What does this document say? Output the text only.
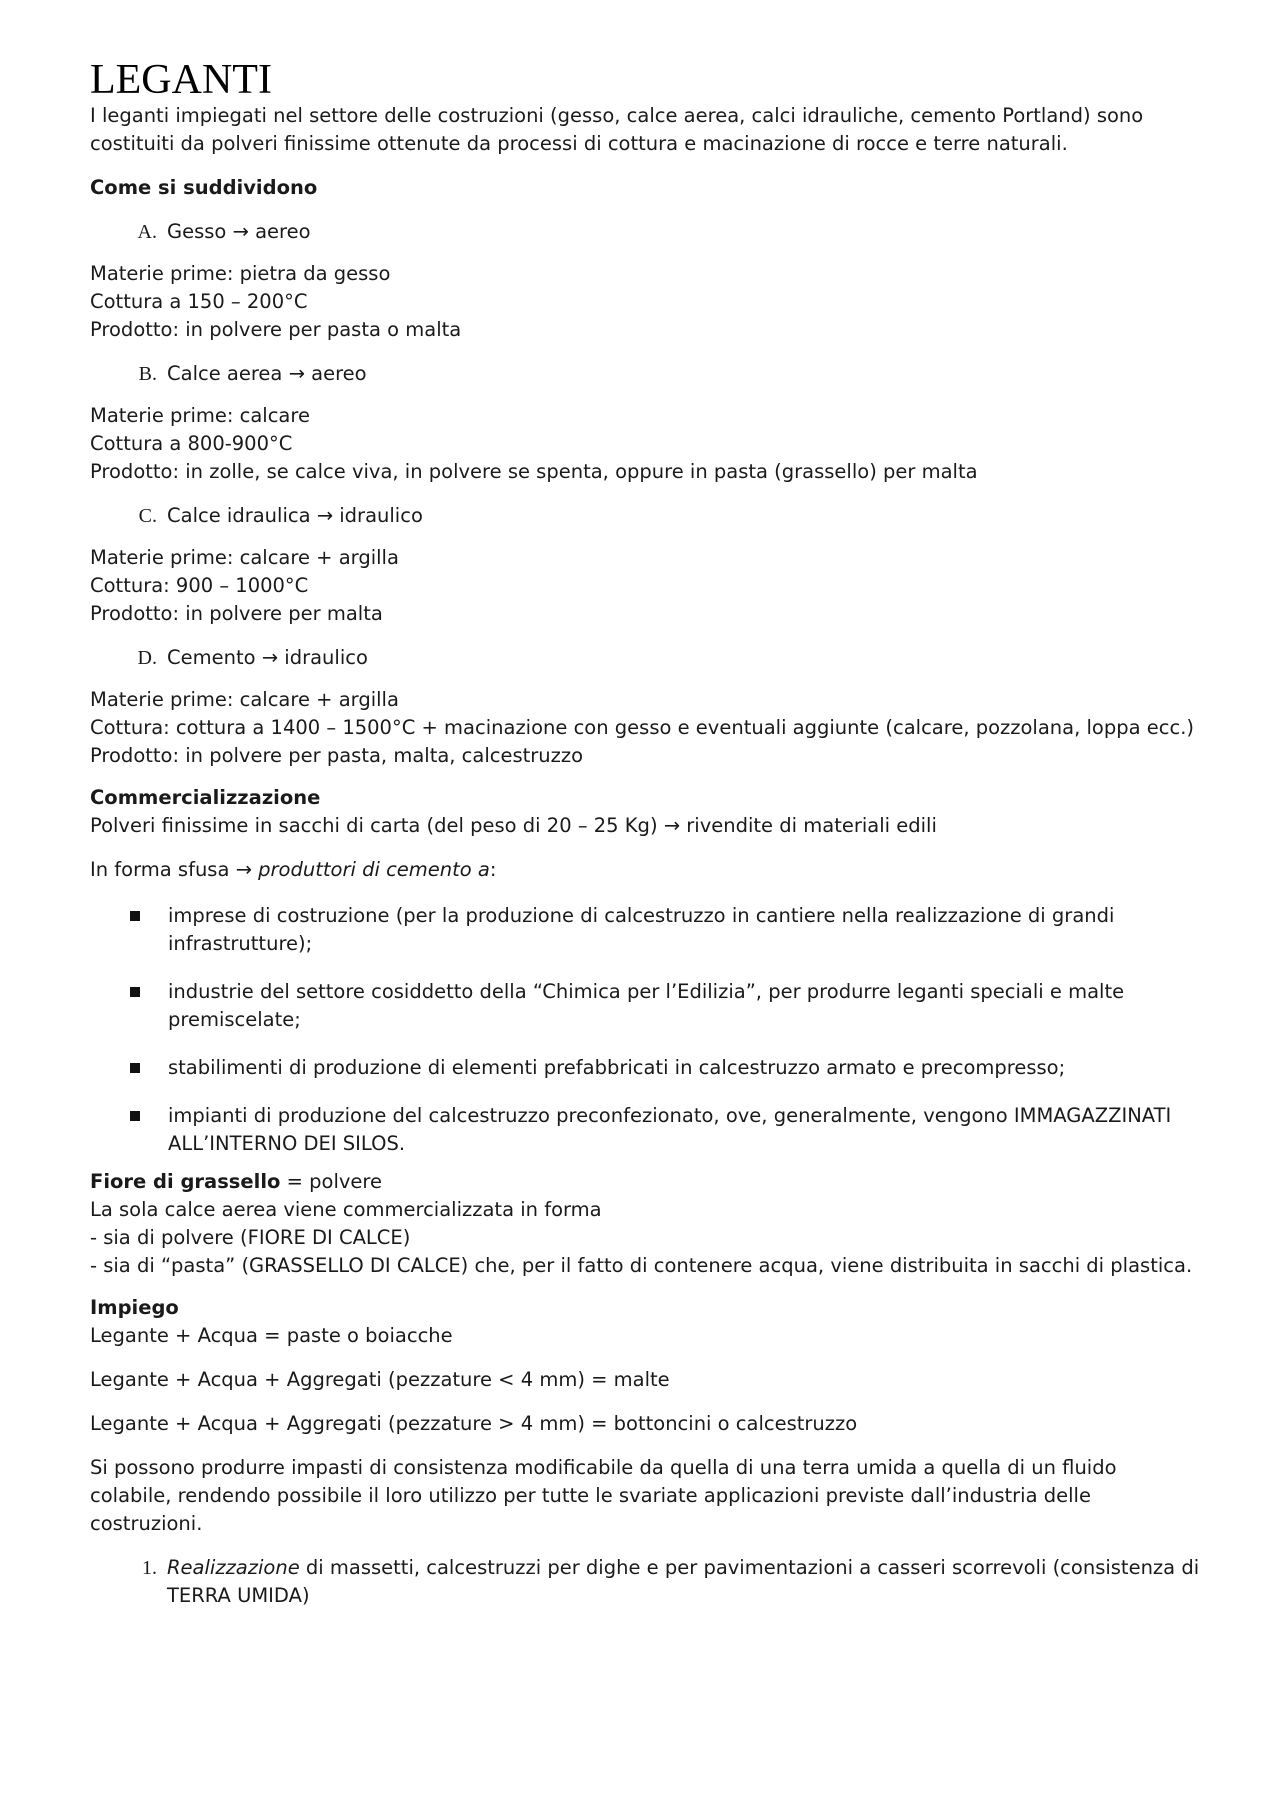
LEGANTI

I leganti impiegati nel settore delle costruzioni (gesso, calce aerea, calci idrauliche, cemento Portland) sono costituiti da polveri finissime ottenute da processi di cottura e macinazione di rocce e terre naturali.

Come si suddividono

A. Gesso → aereo
Materie prime: pietra da gesso
Cottura a 150 – 200°C
Prodotto: in polvere per pasta o malta
B. Calce aerea → aereo
Materie prime: calcare
Cottura a 800-900°C
Prodotto: in zolle, se calce viva, in polvere se spenta, oppure in pasta (grassello) per malta
C. Calce idraulica → idraulico
Materie prime: calcare + argilla
Cottura: 900 – 1000°C
Prodotto: in polvere per malta
D. Cemento → idraulico
Materie prime: calcare + argilla
Cottura: cottura a 1400 – 1500°C + macinazione con gesso e eventuali aggiunte (calcare, pozzolana, loppa ecc.)
Prodotto: in polvere per pasta, malta, calcestruzzo
Commercializzazione

Polveri finissime in sacchi di carta (del peso di 20 – 25 Kg) → rivendite di materiali edili

In forma sfusa → produttori di cemento a:

imprese di costruzione (per la produzione di calcestruzzo in cantiere nella realizzazione di grandi infrastrutture);
industrie del settore cosiddetto della “Chimica per l’Edilizia”, per produrre leganti speciali e malte premiscelate;
stabilimenti di produzione di elementi prefabbricati in calcestruzzo armato e precompresso;
impianti di produzione del calcestruzzo preconfezionato, ove, generalmente, vengono IMMAGAZZINATI ALL’INTERNO DEI SILOS.
Fiore di grassello = polvere
La sola calce aerea viene commercializzata in forma
- sia di polvere (FIORE DI CALCE)
- sia di “pasta” (GRASSELLO DI CALCE) che, per il fatto di contenere acqua, viene distribuita in sacchi di plastica.
Impiego

Legante + Acqua = paste o boiacche

Legante + Acqua + Aggregati (pezzature < 4 mm) = malte

Legante + Acqua + Aggregati (pezzature > 4 mm) = bottoncini o calcestruzzo

Si possono produrre impasti di consistenza modificabile da quella di una terra umida a quella di un fluido colabile, rendendo possibile il loro utilizzo per tutte le svariate applicazioni previste dall’industria delle costruzioni.

1. Realizzazione di massetti, calcestruzzi per dighe e per pavimentazioni a casseri scorrevoli (consistenza di TERRA UMIDA)
